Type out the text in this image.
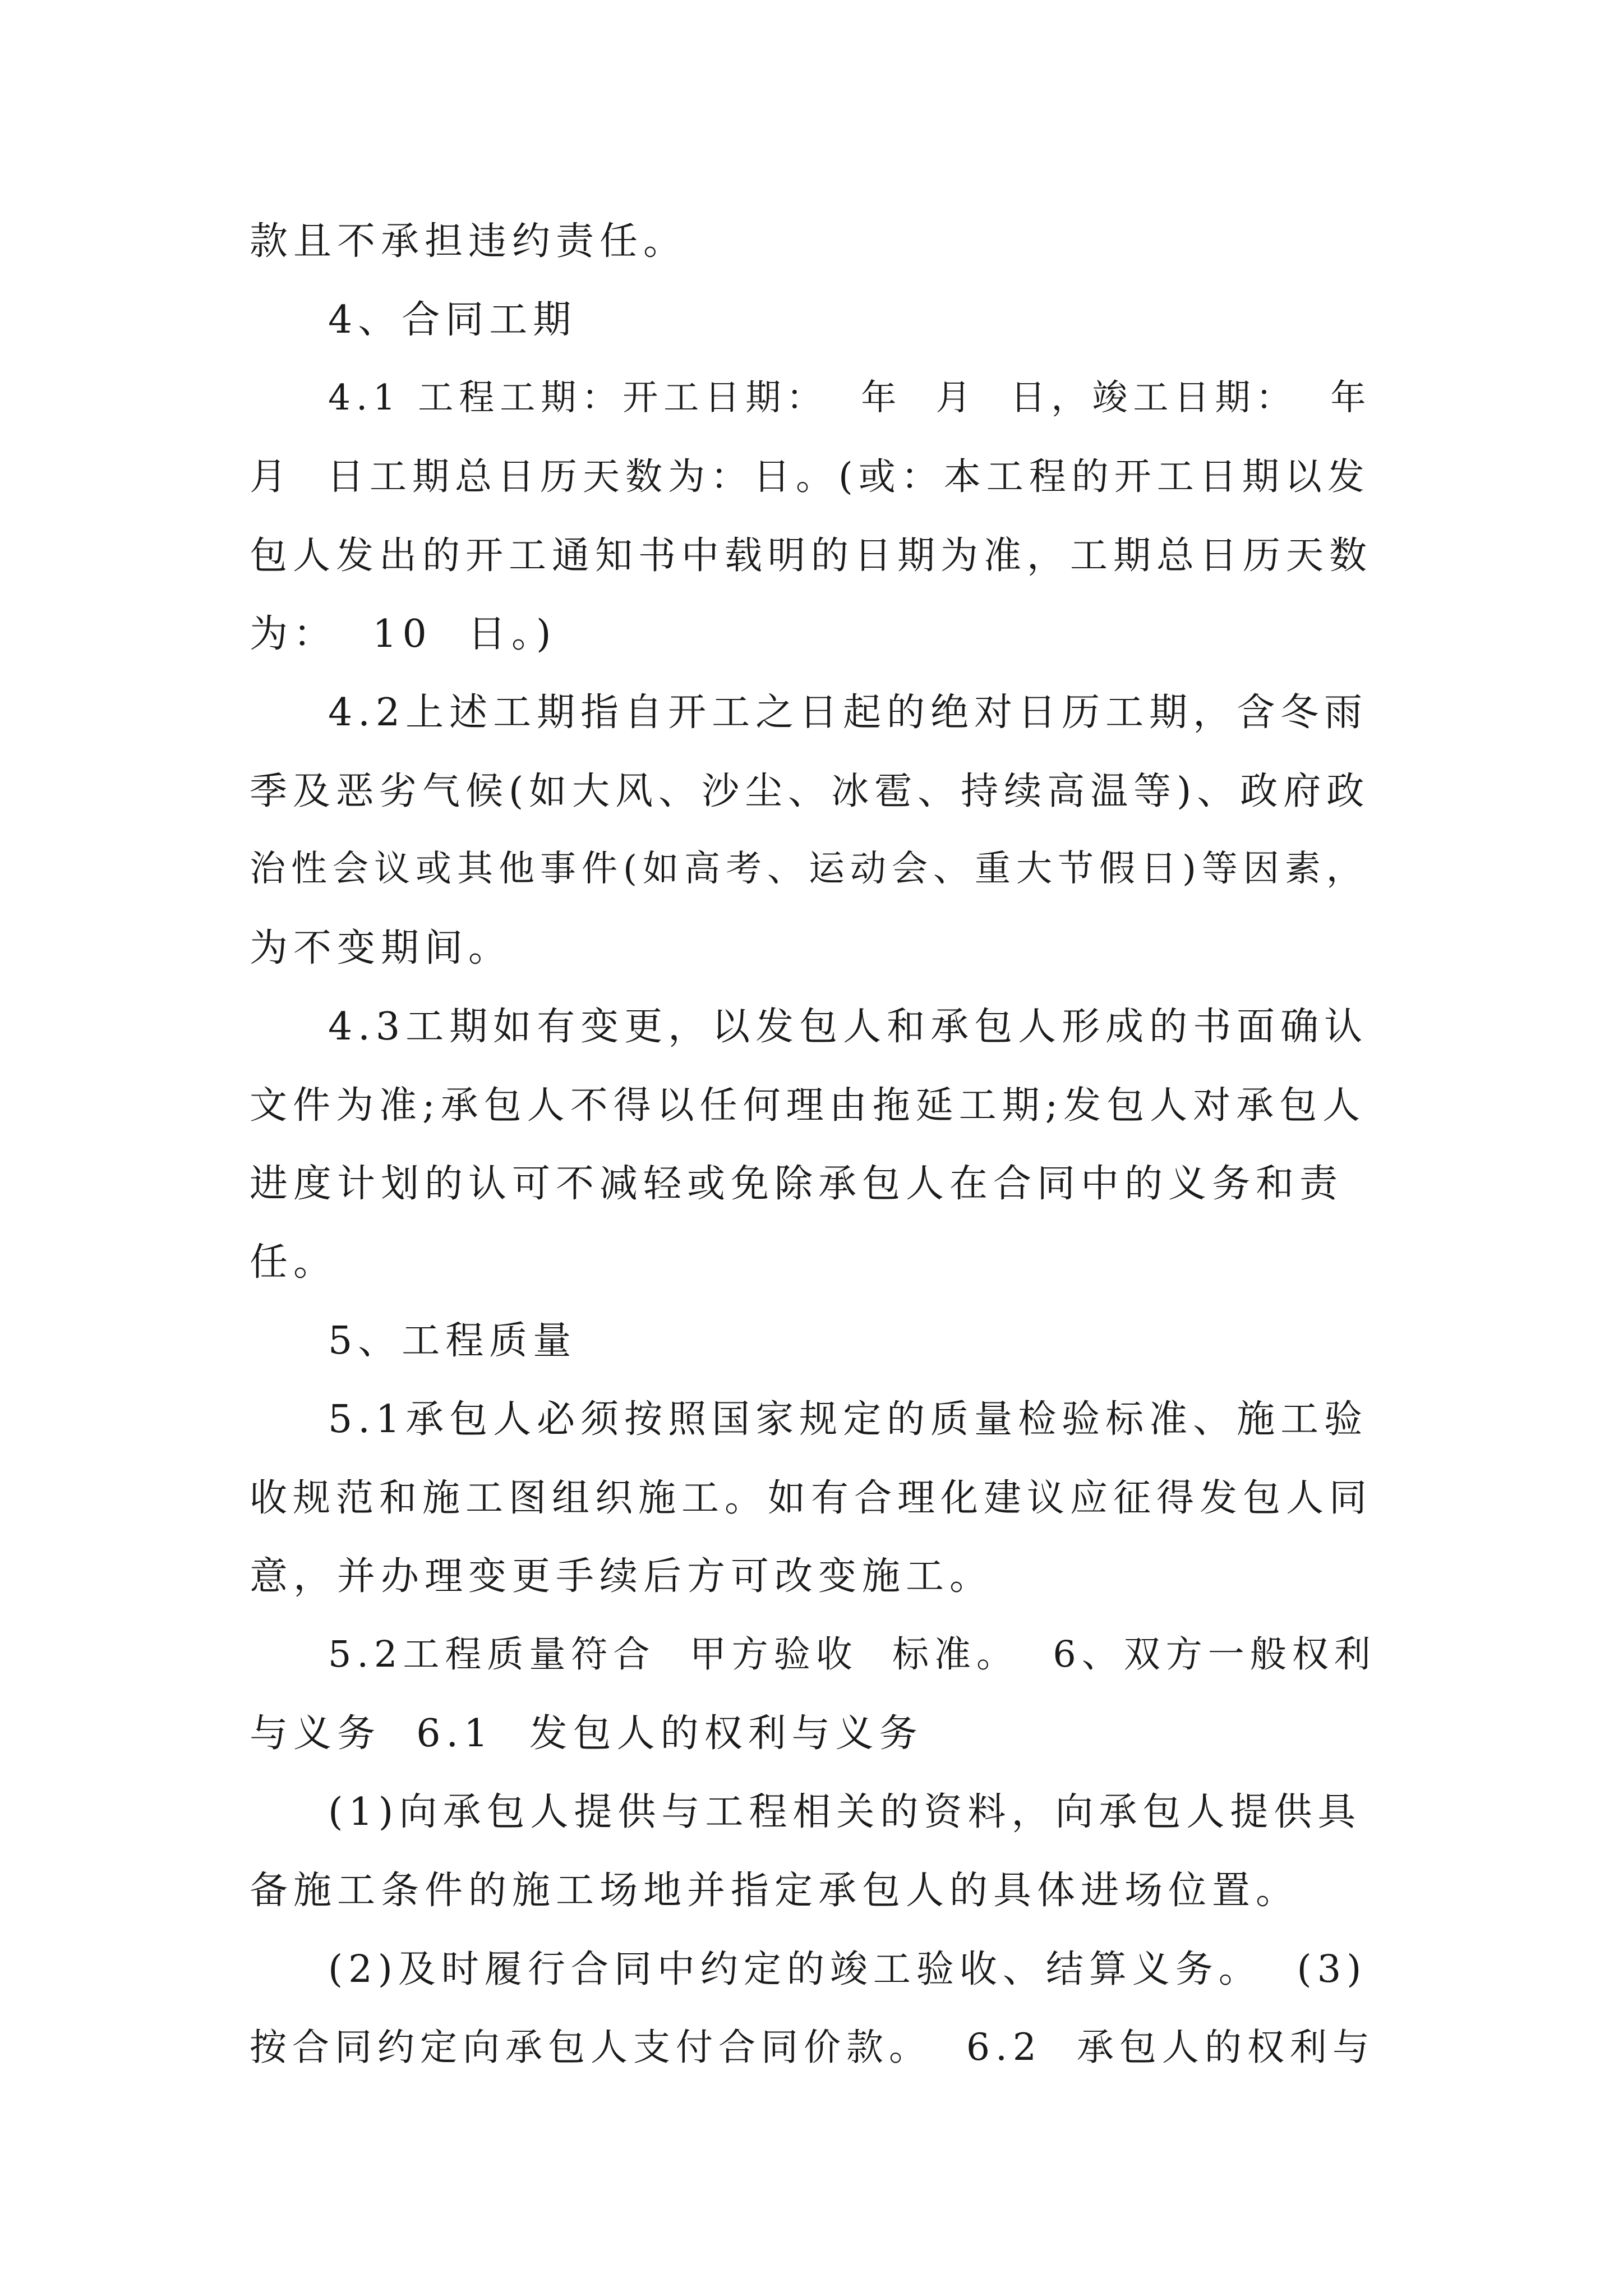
款且不承担违约责任。

4、合同工期

4.1 工程工期：开工日期：  年  月  日，竣工日期：  年

月  日工期总日历天数为：日。(或：本工程的开工日期以发

包人发出的开工通知书中载明的日期为准，工期总日历天数

为：  10  日。)

4.2上述工期指自开工之日起的绝对日历工期，含冬雨

季及恶劣气候(如大风、沙尘、冰雹、持续高温等)、政府政

治性会议或其他事件(如高考、运动会、重大节假日)等因素，

为不变期间。

4.3工期如有变更，以发包人和承包人形成的书面确认

文件为准;承包人不得以任何理由拖延工期;发包人对承包人

进度计划的认可不减轻或免除承包人在合同中的义务和责

任。

5、工程质量

5.1承包人必须按照国家规定的质量检验标准、施工验

收规范和施工图组织施工。如有合理化建议应征得发包人同

意，并办理变更手续后方可改变施工。

5.2工程质量符合  甲方验收  标准。  6、双方一般权利

与义务  6.1  发包人的权利与义务

(1)向承包人提供与工程相关的资料，向承包人提供具

备施工条件的施工场地并指定承包人的具体进场位置。

(2)及时履行合同中约定的竣工验收、结算义务。  (3)

按合同约定向承包人支付合同价款。  6.2  承包人的权利与
